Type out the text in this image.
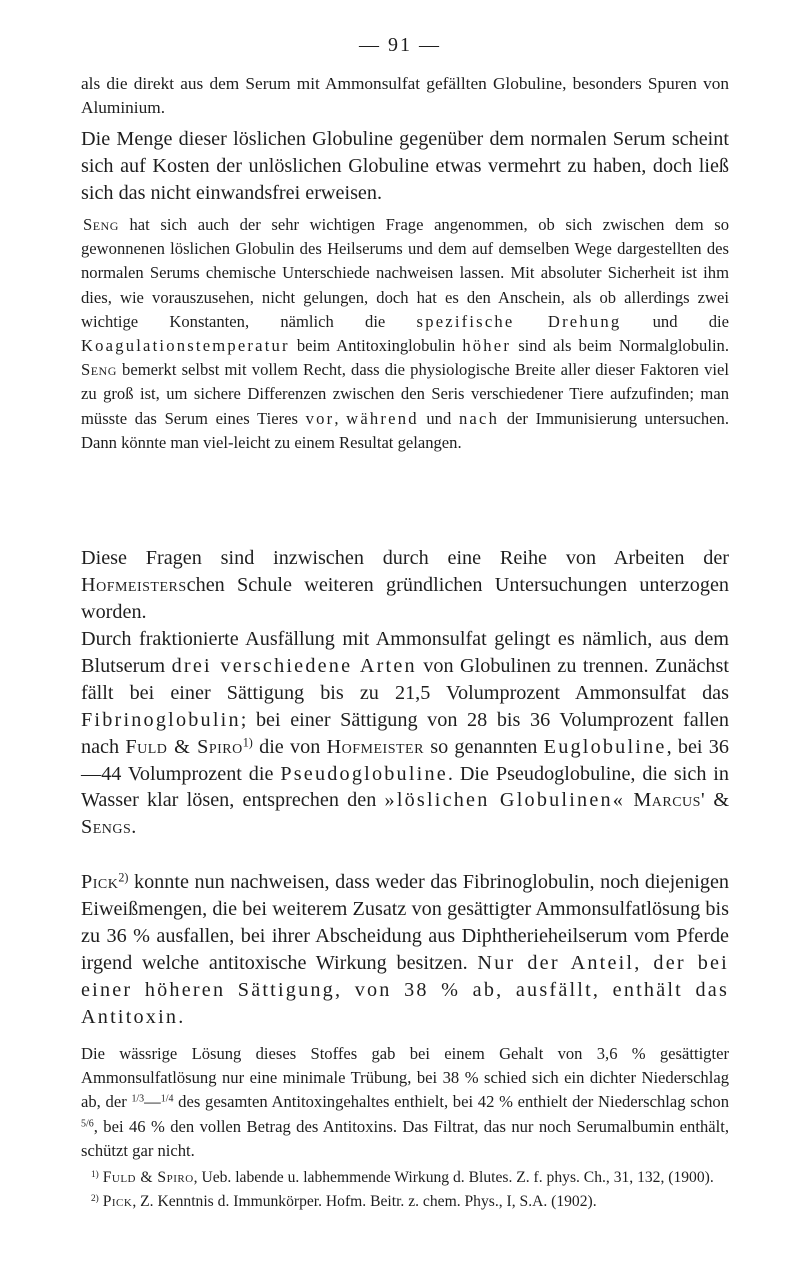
— 91 —

als die direkt aus dem Serum mit Ammonsulfat gefällten Globuline, besonders Spuren von Aluminium.

Die Menge dieser löslichen Globuline gegenüber dem normalen Serum scheint sich auf Kosten der unlöslichen Globuline etwas vermehrt zu haben, doch ließ sich das nicht einwandsfrei erweisen.

Seng hat sich auch der sehr wichtigen Frage angenommen, ob sich zwischen dem so gewonnenen löslichen Globulin des Heilserums und dem auf demselben Wege dargestellten des normalen Serums chemische Unterschiede nachweisen lassen. Mit absoluter Sicherheit ist ihm dies, wie vorauszusehen, nicht gelungen, doch hat es den Anschein, als ob allerdings zwei wichtige Konstanten, nämlich die spezifische Drehung und die Koagulationstemperatur beim Antitoxinglobulin höher sind als beim Normalglobulin. Seng bemerkt selbst mit vollem Recht, dass die physiologische Breite aller dieser Faktoren viel zu groß ist, um sichere Differenzen zwischen den Seris verschiedener Tiere aufzufinden; man müsste das Serum eines Tieres vor, während und nach der Immunisierung untersuchen. Dann könnte man viel-leicht zu einem Resultat gelangen.

Diese Fragen sind inzwischen durch eine Reihe von Arbeiten der Hofmeisterschen Schule weiteren gründlichen Untersuchungen unterzogen worden.

Durch fraktionierte Ausfällung mit Ammonsulfat gelingt es nämlich, aus dem Blutserum drei verschiedene Arten von Globulinen zu trennen. Zunächst fällt bei einer Sättigung bis zu 21,5 Volumprozent Ammonsulfat das Fibrinoglobulin; bei einer Sättigung von 28 bis 36 Volumprozent fallen nach Fuld & Spiro$^{1)}$ die von Hofmeister so genannten Euglobuline, bei 36—44 Volumprozent die Pseudoglobuline. Die Pseudoglobuline, die sich in Wasser klar lösen, entsprechen den »löslichen Globulinen« Marcus' & Sengs.

Pick$^{2)}$ konnte nun nachweisen, dass weder das Fibrinoglobulin, noch diejenigen Eiweißmengen, die bei weiterem Zusatz von gesättigter Ammonsulfatlösung bis zu 36 % ausfallen, bei ihrer Abscheidung aus Diphtherieheilserum vom Pferde irgend welche antitoxische Wirkung besitzen. Nur der Anteil, der bei einer höheren Sättigung, von 38 % ab, ausfällt, enthält das Antitoxin.

Die wässrige Lösung dieses Stoffes gab bei einem Gehalt von 3,6 % gesättigter Ammonsulfatlösung nur eine minimale Trübung, bei 38 % schied sich ein dichter Niederschlag ab, der $^{1/3}$—$^{1/4}$ des gesamten Antitoxingehaltes enthielt, bei 42 % enthielt der Niederschlag schon $^{5/6}$, bei 46 % den vollen Betrag des Antitoxins. Das Filtrat, das nur noch Serumalbumin enthält, schützt gar nicht.

$^{1)}$ Fuld & Spiro, Ueb. labende u. labhemmende Wirkung d. Blutes. Z. f. phys. Ch., 31, 132, (1900).

$^{2)}$ Pick, Z. Kenntnis d. Immunkörper. Hofm. Beitr. z. chem. Phys., I, S.A. (1902).
